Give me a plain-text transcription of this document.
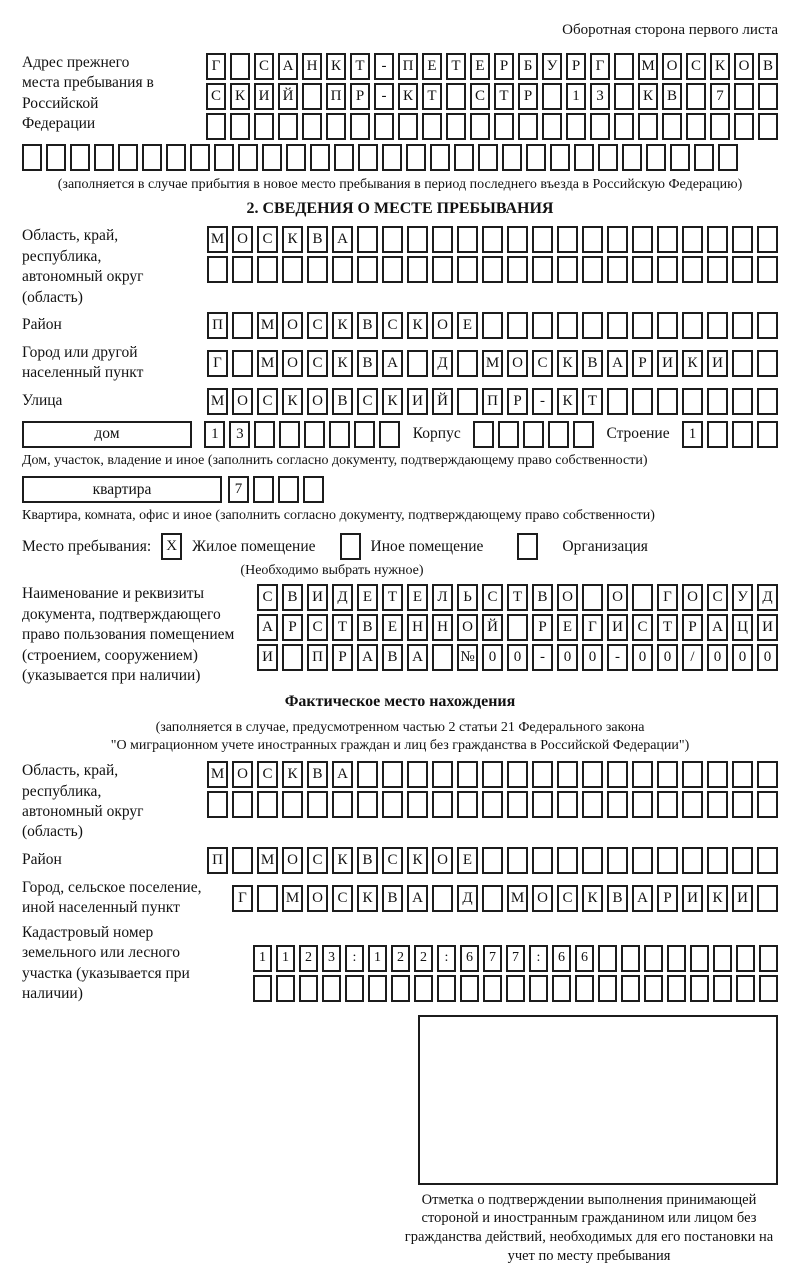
Оборотная сторона первого листа
Адрес прежнего места пребывания в Российской Федерации
Г	С А Н К Т	-	П Е Т Е	Р	Б У Р	Г	М О С К О В
С К И Й	П Р	-	К Т	С Т	Р	1	3	К В	7
(заполняется в случае прибытия в новое место пребывания в период последнего въезда в Российскую Федерацию)
2. СВЕДЕНИЯ О МЕСТЕ ПРЕБЫВАНИЯ
Область, край, республика, автономный округ (область)
М О С К В А
Район	П	М О С К В С К О Е
Город или другой населенный пункт
Г	М О С К В А	Д	М О С К В А	Р	И К И
Улица	М О С К О В С К И Й	П	Р	-	К	Т
дом	1	3	Корпус	Строение	1
Дом, участок, владение и иное (заполнить согласно документу, подтверждающему право собственности)
квартира	7
Квартира, комната, офис и иное (заполнить согласно документу, подтверждающему право собственности)
Место пребывания:	X Жилое помещение	Иное помещение	Организация
(Необходимо выбрать нужное)
Наименование и реквизиты документа, подтверждающего право пользования помещением (строением, сооружением) (указывается при наличии)
С В И Д	Е	Т	Е	Л	Ь	С	Т	В О	О	Г	О С У Д
А	Р	С	Т	В	Е	Н Н О Й	Р	Е	Г	И С	Т	Р	А Ц И
И	П	Р	А В А	№ 0	0	-	0	0	-	0	0	/	0	0	0
Фактическое место нахождения
(заполняется в случае, предусмотренном частью 2 статьи 21 Федерального закона
"О миграционном учете иностранных граждан и лиц без гражданства в Российской Федерации")
Область, край, республика, автономный округ (область)
М О С К В А
Район	П	М О С К В С К О Е
Город, сельское поселение, иной населенный пункт
Г	М О С К В А	Д	М О С К В А	Р	И К И
Кадастровый номер земельного или лесного участка (указывается при наличии)
1	1	2	3	:	1	2	2	:	6	7	7	:	6	6
Отметка о подтверждении выполнения принимающей стороной и иностранным гражданином или лицом без гражданства действий, необходимых для его постановки на учет по месту пребывания
